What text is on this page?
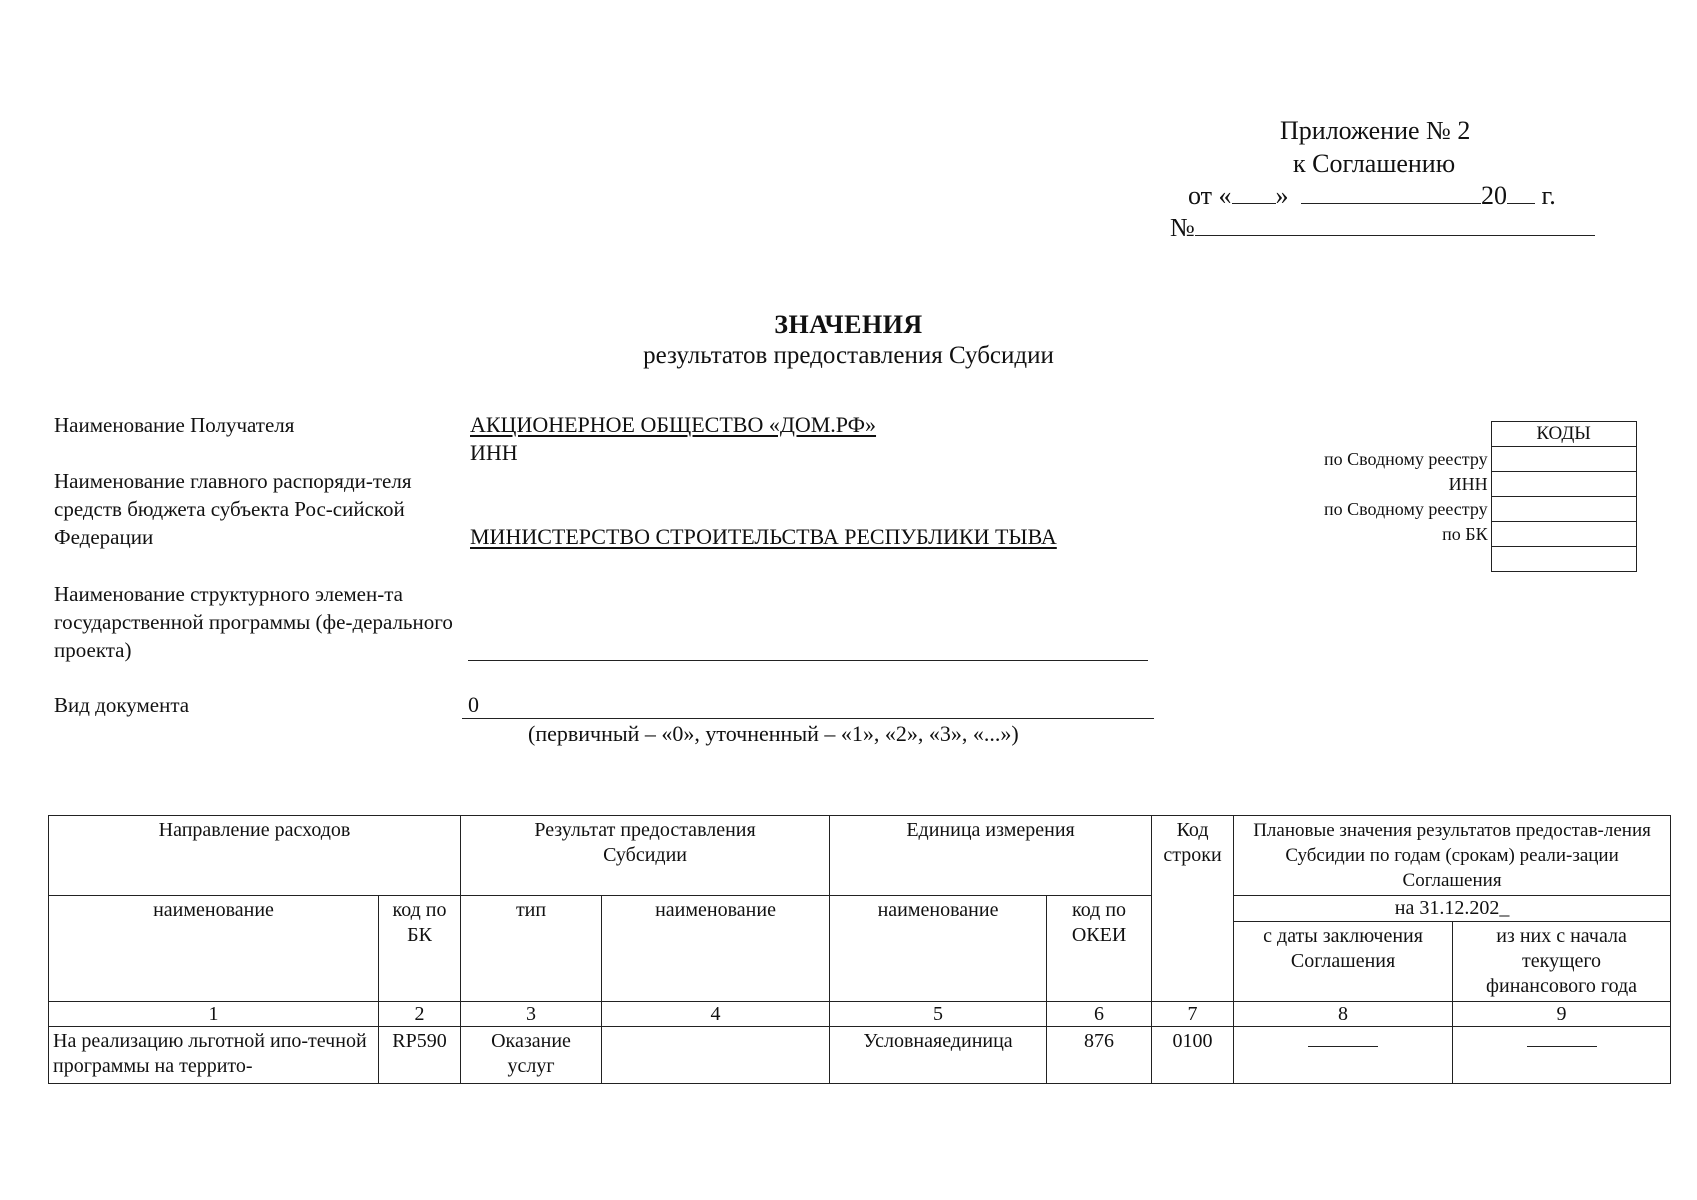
Приложение № 2
к Соглашению
от « »	20 г.
№
ЗНАЧЕНИЯ
результатов предоставления Субсидии
Наименование Получателя	АКЦИОНЕРНОЕ ОБЩЕСТВО «ДОМ.РФ»
ИНН
Наименование главного распоряди-теля средств бюджета субъекта Рос-сийской Федерации	МИНИСТЕРСТВО СТРОИТЕЛЬСТВА РЕСПУБЛИКИ ТЫВА
Наименование структурного элемен-та государственной программы (фе-дерального проекта)
Вид документа	0
(первичный – «0», уточненный – «1», «2», «3», «...»)
	КОДЫ
по Сводному реестру	
ИНН	
по Сводному реестру	
по БК	

Направление расходов		Результат предоставления Субсидии		Единица измерения		Код строки	Плановые значения результатов предостав-ления Субсидии по годам (срокам) реали-зации Соглашения	
наименование	код по БК	тип	наименование	наименование	код по ОКЕИ		на 31.12.202_	
							с даты заключения Соглашения	из них с начала текущего финансового года
1	2	3	4	5	6	7	8	9

На реализацию льготной ипо-течной программы на террито-	RP590	Оказание услуг		Условнаяединица	876	0100		
